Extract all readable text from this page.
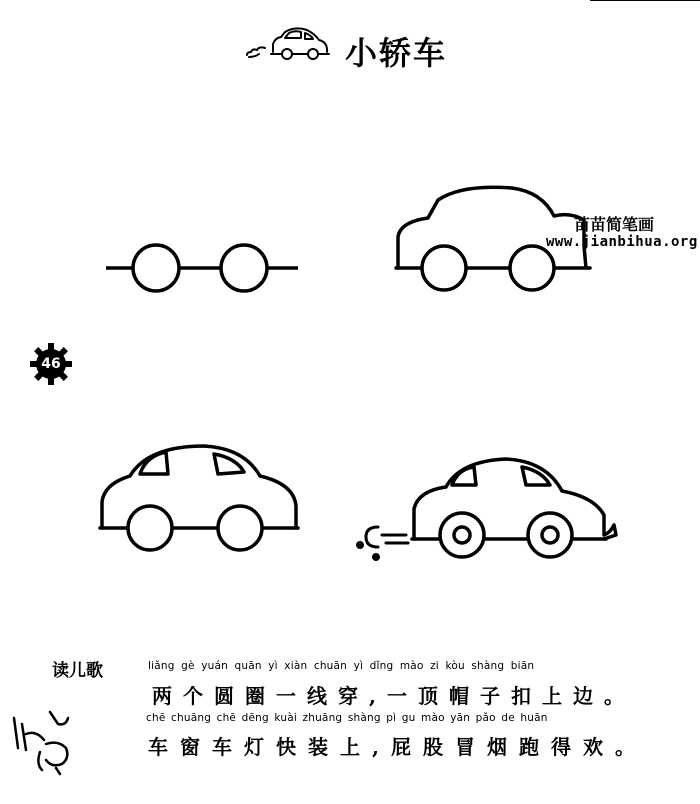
小轿车
苗苗简笔画
www.jianbihua.org
46
读儿歌	liǎng gè yuán quān yì xiàn chuān yì dǐng mào zi kòu shàng biān
两个圆圈一线穿,一顶帽子扣上边。
chē chuāng chē dēng kuài zhuāng shàng pì gu mào yān pǎo de huān
车窗车灯快装上,屁股冒烟跑得欢。
